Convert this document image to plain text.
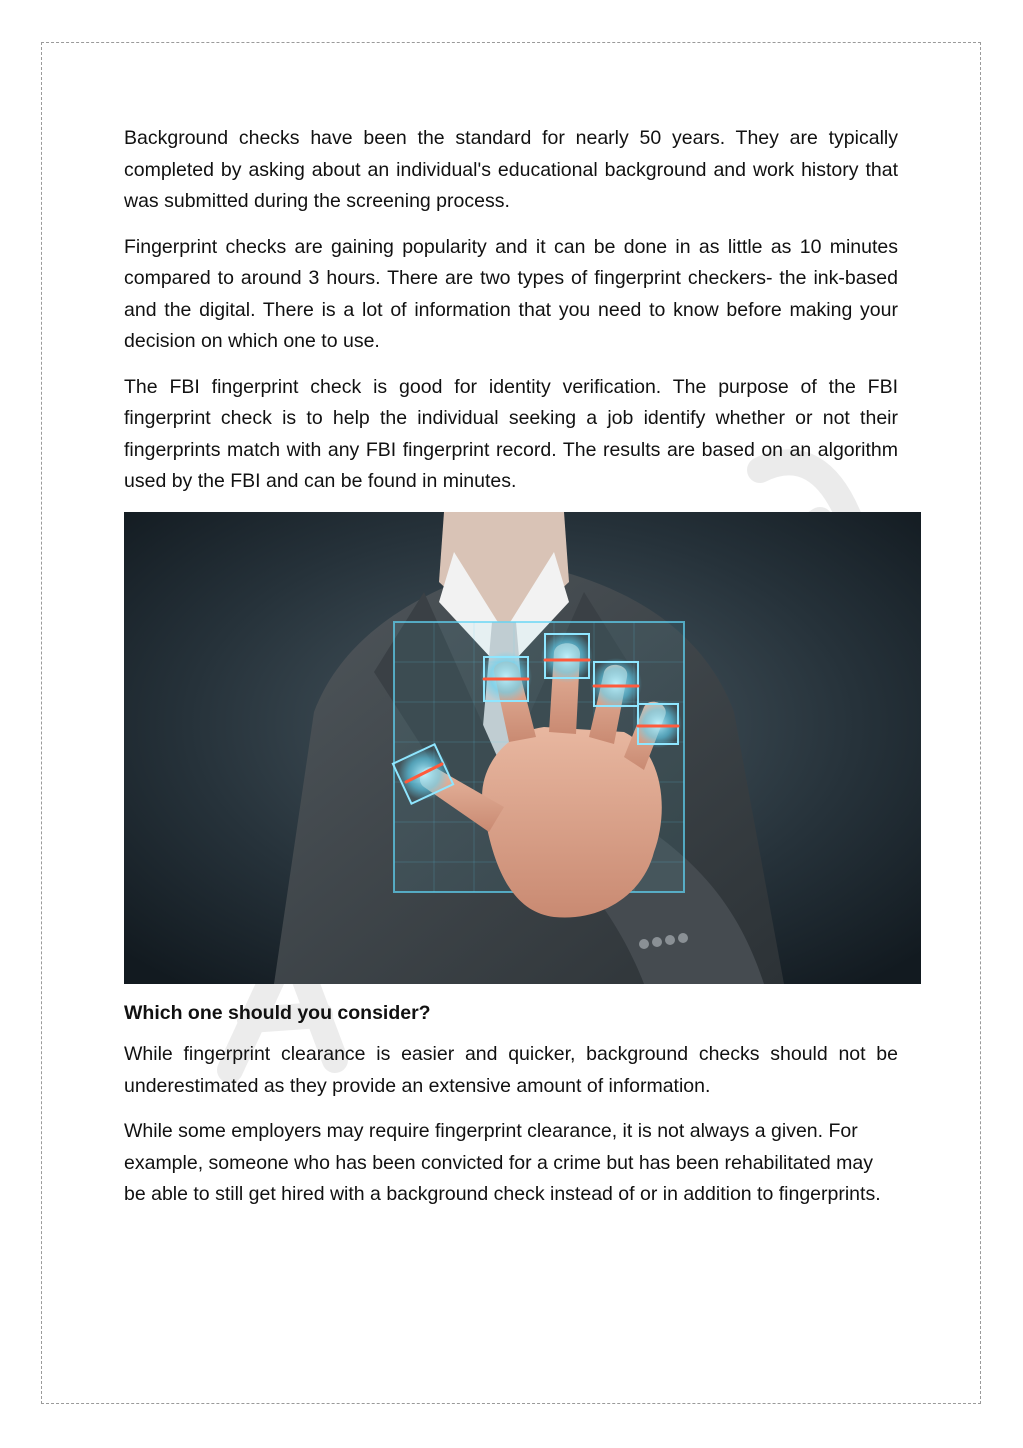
Background checks have been the standard for nearly 50 years. They are typically completed by asking about an individual's educational background and work history that was submitted during the screening process.

Fingerprint checks are gaining popularity and it can be done in as little as 10 minutes compared to around 3 hours. There are two types of fingerprint checkers- the ink-based and the digital. There is a lot of information that you need to know before making your decision on which one to use.

The FBI fingerprint check is good for identity verification. The purpose of the FBI fingerprint check is to help the individual seeking a job identify whether or not their fingerprints match with any FBI fingerprint record. The results are based on an algorithm used by the FBI and can be found in minutes.

Which one should you consider?

While fingerprint clearance is easier and quicker, background checks should not be underestimated as they provide an extensive amount of information.

While some employers may require fingerprint clearance, it is not always a given. For example, someone who has been convicted for a crime but has been rehabilitated may be able to still get hired with a background check instead of or in addition to fingerprints.
